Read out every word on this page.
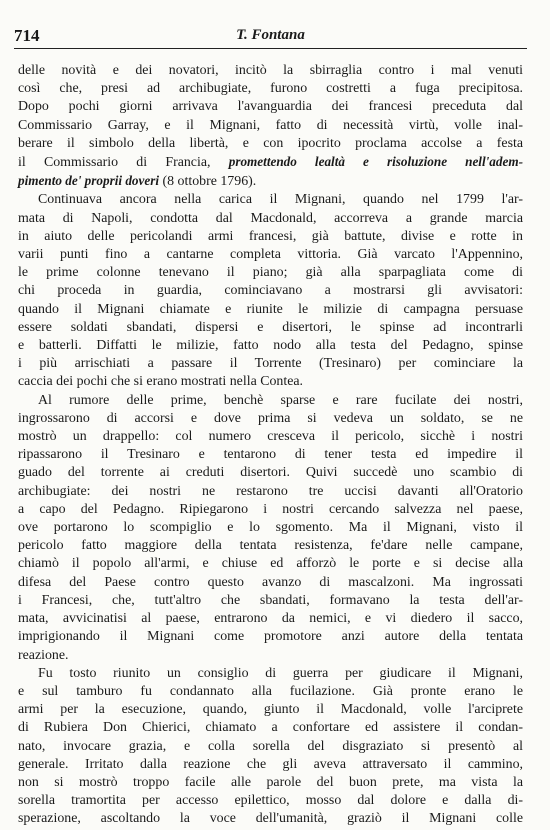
714	T. Fontana

delle novità e dei novatori, incitò la sbirraglia contro i mal venuti
così che, presi ad archibugiate, furono costretti a fuga precipitosa.
Dopo pochi giorni arrivava l'avanguardia dei francesi preceduta dal
Commissario Garray, e il Mignani, fatto di necessità virtù, volle inal-
berare il simbolo della libertà, e con ipocrito proclama accolse a festa
il Commissario di Francia, promettendo lealtà e risoluzione nell'adem-
pimento de' proprii doveri (8 ottobre 1796).
Continuava ancora nella carica il Mignani, quando nel 1799 l'ar-
mata di Napoli, condotta dal Macdonald, accorreva a grande marcia
in aiuto delle pericolandi armi francesi, già battute, divise e rotte in
varii punti fino a cantarne completa vittoria. Già varcato l'Appennino,
le prime colonne tenevano il piano; già alla sparpagliata come di
chi proceda in guardia, cominciavano a mostrarsi gli avvisatori:
quando il Mignani chiamate e riunite le milizie di campagna persuase
essere soldati sbandati, dispersi e disertori, le spinse ad incontrarli
e batterli. Diffatti le milizie, fatto nodo alla testa del Pedagno, spinse
i più arrischiati a passare il Torrente (Tresinaro) per cominciare la
caccia dei pochi che si erano mostrati nella Contea.
Al rumore delle prime, benchè sparse e rare fucilate dei nostri,
ingrossarono di accorsi e dove prima si vedeva un soldato, se ne
mostrò un drappello: col numero cresceva il pericolo, sicchè i nostri
ripassarono il Tresinaro e tentarono di tener testa ed impedire il
guado del torrente ai creduti disertori. Quivi succedè uno scambio di
archibugiate: dei nostri ne restarono tre uccisi davanti all'Oratorio
a capo del Pedagno. Ripiegarono i nostri cercando salvezza nel paese,
ove portarono lo scompiglio e lo sgomento. Ma il Mignani, visto il
pericolo fatto maggiore della tentata resistenza, fe'dare nelle campane,
chiamò il popolo all'armi, e chiuse ed afforzò le porte e si decise alla
difesa del Paese contro questo avanzo di mascalzoni. Ma ingrossati
i Francesi, che, tutt'altro che sbandati, formavano la testa dell'ar-
mata, avvicinatisi al paese, entrarono da nemici, e vi diedero il sacco,
imprigionando il Mignani come promotore anzi autore della tentata
reazione.
Fu tosto riunito un consiglio di guerra per giudicare il Mignani,
e sul tamburo fu condannato alla fucilazione. Già pronte erano le
armi per la esecuzione, quando, giunto il Macdonald, volle l'arciprete
di Rubiera Don Chierici, chiamato a confortare ed assistere il condan-
nato, invocare grazia, e colla sorella del disgraziato si presentò al
generale. Irritato dalla reazione che gli aveva attraversato il cammino,
non si mostrò troppo facile alle parole del buon prete, ma vista la
sorella tramortita per accesso epilettico, mosso dal dolore e dalla di-
sperazione, ascoltando la voce dell'umanità, graziò il Mignani colle
